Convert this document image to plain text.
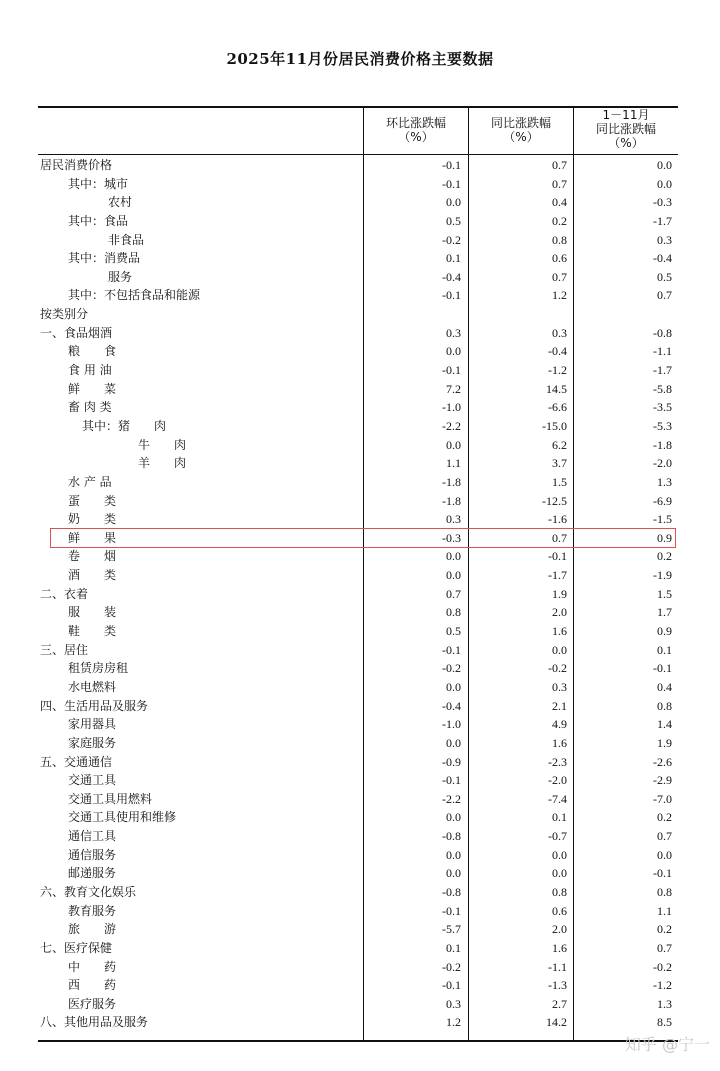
2025年11月份居民消费价格主要数据
环比涨跌幅
（%）
同比涨跌幅
（%）
1－11月
同比涨跌幅
（%）
居民消费价格	-0.1	0.7	0.0
其中：城市	-0.1	0.7	0.0
农村	0.0	0.4	-0.3
其中：食品	0.5	0.2	-1.7
非食品	-0.2	0.8	0.3
其中：消费品	0.1	0.6	-0.4
服务	-0.4	0.7	0.5
其中：不包括食品和能源	-0.1	1.2	0.7
按类别分
一、食品烟酒	0.3	0.3	-0.8
粮　　食	0.0	-0.4	-1.1
食 用 油	-0.1	-1.2	-1.7
鲜　　菜	7.2	14.5	-5.8
畜 肉 类	-1.0	-6.6	-3.5
其中：猪　　肉	-2.2	-15.0	-5.3
牛　　肉	0.0	6.2	-1.8
羊　　肉	1.1	3.7	-2.0
水 产 品	-1.8	1.5	1.3
蛋　　类	-1.8	-12.5	-6.9
奶　　类	0.3	-1.6	-1.5
鲜　　果	-0.3	0.7	0.9
卷　　烟	0.0	-0.1	0.2
酒　　类	0.0	-1.7	-1.9
二、衣着	0.7	1.9	1.5
服　　装	0.8	2.0	1.7
鞋　　类	0.5	1.6	0.9
三、居住	-0.1	0.0	0.1
租赁房房租	-0.2	-0.2	-0.1
水电燃料	0.0	0.3	0.4
四、生活用品及服务	-0.4	2.1	0.8
家用器具	-1.0	4.9	1.4
家庭服务	0.0	1.6	1.9
五、交通通信	-0.9	-2.3	-2.6
交通工具	-0.1	-2.0	-2.9
交通工具用燃料	-2.2	-7.4	-7.0
交通工具使用和维修	0.0	0.1	0.2
通信工具	-0.8	-0.7	0.7
通信服务	0.0	0.0	0.0
邮递服务	0.0	0.0	-0.1
六、教育文化娱乐	-0.8	0.8	0.8
教育服务	-0.1	0.6	1.1
旅　　游	-5.7	2.0	0.2
七、医疗保健	0.1	1.6	0.7
中　　药	-0.2	-1.1	-0.2
西　　药	-0.1	-1.3	-1.2
医疗服务	0.3	2.7	1.3
八、其他用品及服务	1.2	14.2	8.5
知乎 @宁一
